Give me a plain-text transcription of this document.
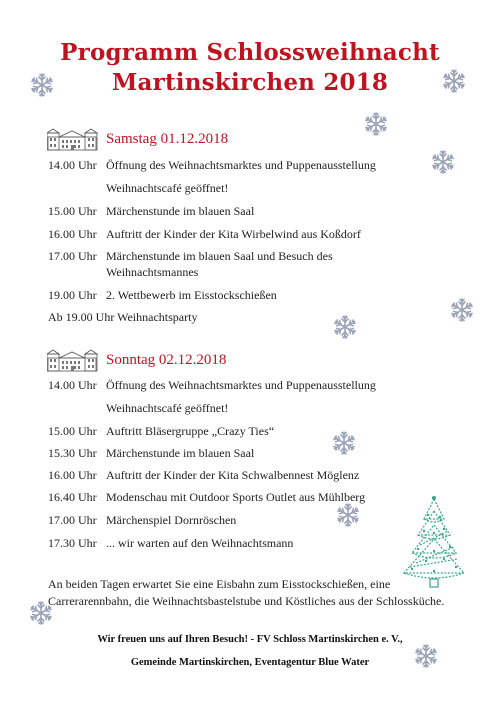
Programm Schlossweihnacht
Martinskirchen 2018
Samstag 01.12.2018
14.00 Uhr Öffnung des Weihnachtsmarktes und Puppenausstellung
Weihnachtscafé geöffnet!
15.00 Uhr Märchenstunde im blauen Saal
16.00 Uhr Auftritt der Kinder der Kita Wirbelwind aus Koßdorf
17.00 Uhr Märchenstunde im blauen Saal und Besuch des
Weihnachtsmannes
19.00 Uhr 2. Wettbewerb im Eisstockschießen
Ab 19.00 Uhr Weihnachtsparty
Sonntag 02.12.2018
14.00 Uhr Öffnung des Weihnachtsmarktes und Puppenausstellung
Weihnachtscafé geöffnet!
15.00 Uhr Auftritt Bläsergruppe „Crazy Ties“
15.30 Uhr Märchenstunde im blauen Saal
16.00 Uhr Auftritt der Kinder der Kita Schwalbennest Möglenz
16.40 Uhr Modenschau mit Outdoor Sports Outlet aus Mühlberg
17.00 Uhr Märchenspiel Dornröschen
17.30 Uhr ... wir warten auf den Weihnachtsmann
An beiden Tagen erwartet Sie eine Eisbahn zum Eisstockschießen, eine
Carrerarennbahn, die Weihnachtsbastelstube und Köstliches aus der Schlossküche.
Wir freuen uns auf Ihren Besuch! - FV Schloss Martinskirchen e. V.,
Gemeinde Martinskirchen, Eventagentur Blue Water
